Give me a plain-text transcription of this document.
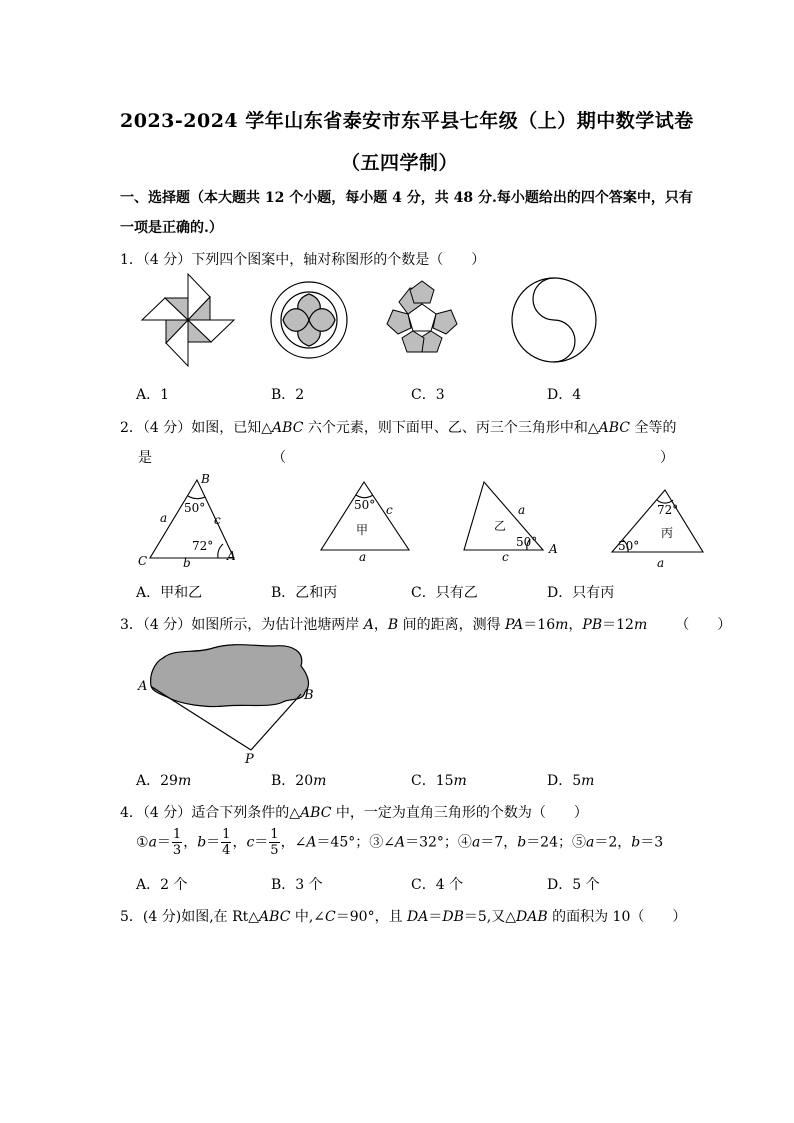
2023-2024 学年山东省泰安市东平县七年级（上）期中数学试卷
（五四学制）
一、选择题（本大题共 12 个小题，每小题 4 分，共 48 分.每小题给出的四个答案中，只有
一项是正确的.）
1．（4 分）下列四个图案中，轴对称图形的个数是（　　）
A．1	B．2	C．3	D．4
2．（4 分）如图，已知△ABC 六个元素，则下面甲、乙、丙三个三角形中和△ABC 全等的
是	（	）
B
C	A
a
b
c
50°
72°
50° c
甲
a
乙
a
50° A
c
72°
丙
50°
a
A．甲和乙	B．乙和丙	C．只有乙	D．只有丙
3．（4 分）如图所示，为估计池塘两岸 A，B 间的距离，测得 PA＝16m，PB＝12m （　　）
A
B
P
A．29m	B．20m	C．15m	D．5m
4．（4 分）适合下列条件的△ABC 中，一定为直角三角形的个数为（　　）
①a＝ $\frac{1}{3}$ ，$b= \frac{1}{4}$ ，$c= \frac{1}{5}$ ，∠A＝45°；③∠A＝32°；④a＝7，b＝24；⑤a＝2，b＝3
A．2 个	B．3 个	C．4 个	D．5 个
5．(4 分)如图,在 Rt△ABC 中,∠C＝90°，且 DA＝DB＝5,又△DAB 的面积为 10（　　）
